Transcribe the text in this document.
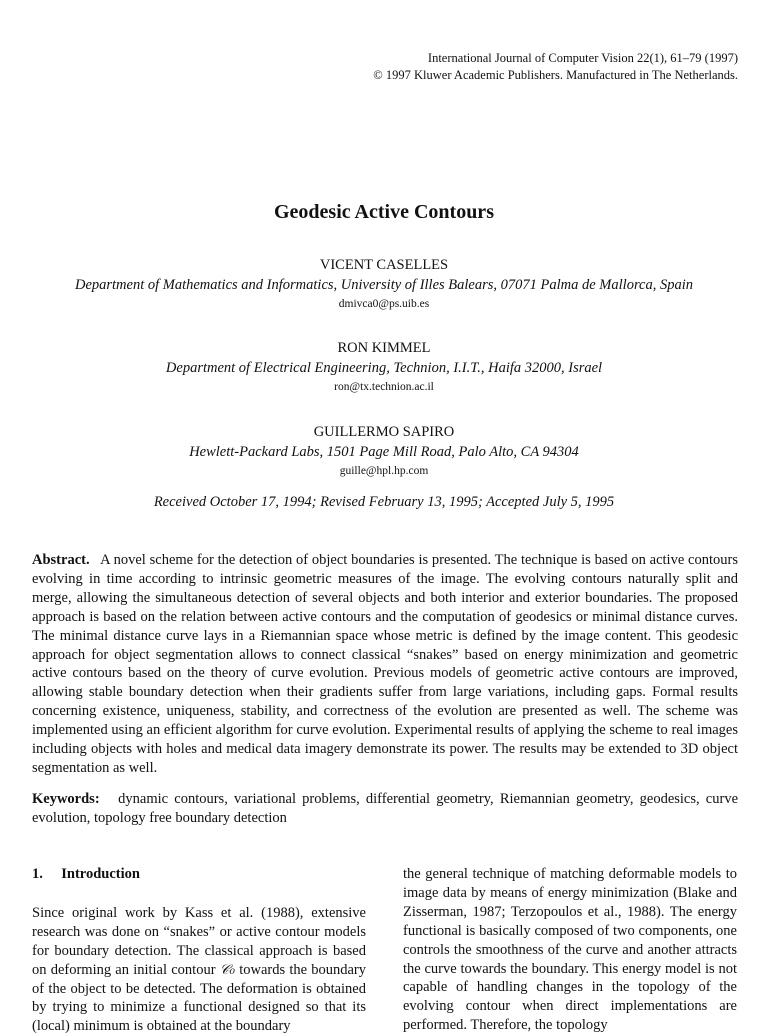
International Journal of Computer Vision 22(1), 61–79 (1997)
© 1997 Kluwer Academic Publishers. Manufactured in The Netherlands.
Geodesic Active Contours
VICENT CASELLES
Department of Mathematics and Informatics, University of Illes Balears, 07071 Palma de Mallorca, Spain
dmivca0@ps.uib.es
RON KIMMEL
Department of Electrical Engineering, Technion, I.I.T., Haifa 32000, Israel
ron@tx.technion.ac.il
GUILLERMO SAPIRO
Hewlett-Packard Labs, 1501 Page Mill Road, Palo Alto, CA 94304
guille@hpl.hp.com
Received October 17, 1994; Revised February 13, 1995; Accepted July 5, 1995
Abstract. A novel scheme for the detection of object boundaries is presented. The technique is based on active contours evolving in time according to intrinsic geometric measures of the image. The evolving contours naturally split and merge, allowing the simultaneous detection of several objects and both interior and exterior boundaries. The proposed approach is based on the relation between active contours and the computation of geodesics or minimal distance curves. The minimal distance curve lays in a Riemannian space whose metric is defined by the image content. This geodesic approach for object segmentation allows to connect classical “snakes” based on energy minimization and geometric active contours based on the theory of curve evolution. Previous models of geometric active contours are improved, allowing stable boundary detection when their gradients suffer from large variations, including gaps. Formal results concerning existence, uniqueness, stability, and correctness of the evolution are presented as well. The scheme was implemented using an efficient algorithm for curve evolution. Experimental results of applying the scheme to real images including objects with holes and medical data imagery demonstrate its power. The results may be extended to 3D object segmentation as well.
Keywords: dynamic contours, variational problems, differential geometry, Riemannian geometry, geodesics, curve evolution, topology free boundary detection
1. Introduction

Since original work by Kass et al. (1988), extensive research was done on “snakes” or active contour models for boundary detection. The classical approach is based on deforming an initial contour 𝒞₀ towards the boundary of the object to be detected. The deformation is obtained by trying to minimize a functional designed so that its (local) minimum is obtained at the boundary

the general technique of matching deformable models to image data by means of energy minimization (Blake and Zisserman, 1987; Terzopoulos et al., 1988). The energy functional is basically composed of two components, one controls the smoothness of the curve and another attracts the curve towards the boundary. This energy model is not capable of handling changes in the topology of the evolving contour when direct implementations are performed. Therefore, the topology
